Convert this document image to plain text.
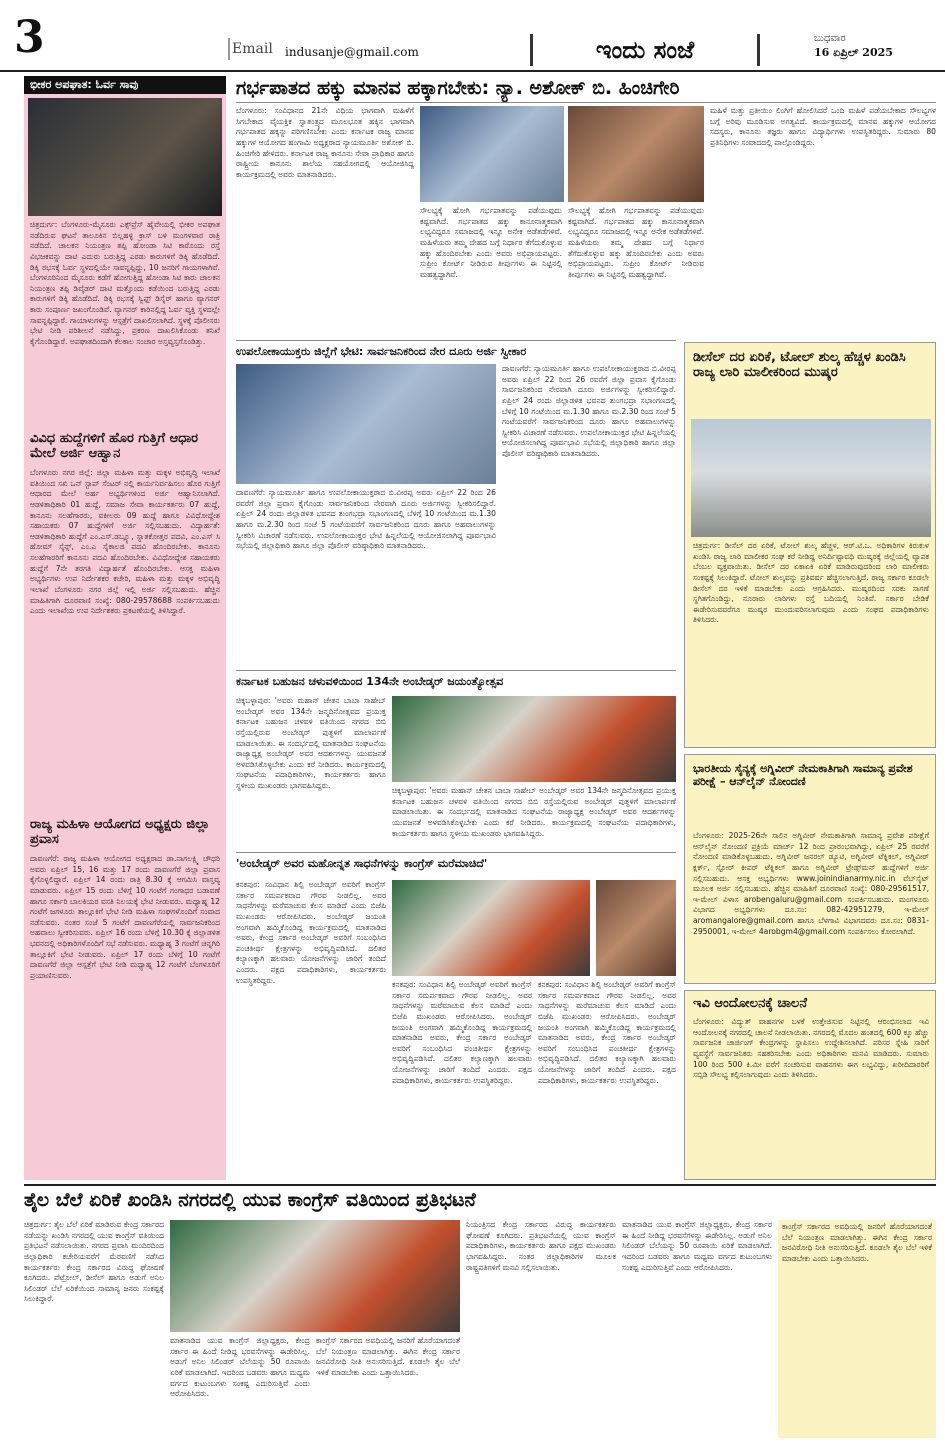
3	Email indusanje@gmail.com	ಇಂದು ಸಂಜೆ	ಬುಧವಾರ
16 ಏಪ್ರಿಲ್ 2025
ಭೀಕರ ಅಪಘಾತ: ಓರ್ವ ಸಾವು
ಚಿತ್ರದುರ್ಗ: ಬೆಂಗಳೂರು-ಮೈಸೂರು ಎಕ್ಸ್‌ಪ್ರೆಸ್ ಹೈವೇಯಲ್ಲಿ ಭೀಕರ ಅಪಘಾತ ನಡೆದಿರುವ ಘಟನೆ ತಾಲೂಕಿನ ಬಿಲ್ಲಹಳ್ಳಿ ಕ್ರಾಸ್ ಬಳಿ ಮಂಗಳವಾರ ರಾತ್ರಿ ನಡೆದಿದೆ. ಚಾಲಕನ ನಿಯಂತ್ರಣ ತಪ್ಪಿ ಹೋಂಡಾ ಸಿಟಿ ಕಾರೊಂದು ರಸ್ತೆ ವಿಭಜಕವನ್ನು ದಾಟಿ ಎದುರು ಬರುತ್ತಿದ್ದ ಎರಡು ಕಾರುಗಳಿಗೆ ಡಿಕ್ಕಿ ಹೊಡೆದಿದೆ. ಡಿಕ್ಕಿ ರಭಸಕ್ಕೆ ಓರ್ವ ಸ್ಥಳದಲ್ಲಿಯೇ ಸಾವನ್ನಪ್ಪಿದ್ದು, 10 ಜನರಿಗೆ ಗಾಯಗಳಾಗಿವೆ. ಬೆಂಗಳೂರಿನಿಂದ ಮೈಸೂರು ಕಡೆಗೆ ಹೋಗುತ್ತಿದ್ದ ಹೋಂಡಾ ಸಿಟಿ ಕಾರು ಚಾಲಕನ ನಿಯಂತ್ರಣ ತಪ್ಪಿ ಡಿವೈಡರ್ ದಾಟಿ ಮತ್ತೊಂದು ಕಡೆಯಿಂದ ಬರುತ್ತಿದ್ದ ಎರಡು ಕಾರುಗಳಿಗೆ ಡಿಕ್ಕಿ ಹೊಡೆದಿದೆ. ಡಿಕ್ಕಿ ರಭಸಕ್ಕೆ ಸ್ವಿಫ್ಟ್ ಡಿಸೈರ್ ಹಾಗೂ ವ್ಯಾಗನರ್ ಕಾರು ಸಂಪೂರ್ಣ ಜಖಂಗೊಂಡಿವೆ. ವ್ಯಾಗನರ್ ಕಾರಿನಲ್ಲಿದ್ದ ಓರ್ವ ವ್ಯಕ್ತಿ ಸ್ಥಳದಲ್ಲೇ ಸಾವನ್ನಪ್ಪಿದ್ದಾರೆ. ಗಾಯಾಳುಗಳನ್ನು ಆಸ್ಪತ್ರೆಗೆ ದಾಖಲಿಸಲಾಗಿದೆ. ಸ್ಥಳಕ್ಕೆ ಪೊಲೀಸರು ಭೇಟಿ ನೀಡಿ ಪರಿಶೀಲನೆ ನಡೆಸಿದ್ದು, ಪ್ರಕರಣ ದಾಖಲಿಸಿಕೊಂಡು ತನಿಖೆ ಕೈಗೊಂಡಿದ್ದಾರೆ. ಅಪಘಾತದಿಂದಾಗಿ ಕೆಲಕಾಲ ಸಂಚಾರ ಅಸ್ತವ್ಯಸ್ತಗೊಂಡಿತ್ತು.
ವಿವಿಧ ಹುದ್ದೆಗಳಿಗೆ ಹೊರ ಗುತ್ತಿಗೆ ಆಧಾರ ಮೇಲೆ ಅರ್ಜಿ ಆಹ್ವಾನ
ಬೆಂಗಳೂರು ನಗರ ಜಿಲ್ಲೆ: ಜಿಲ್ಲಾ ಮಹಿಳಾ ಮತ್ತು ಮಕ್ಕಳ ಅಭಿವೃದ್ಧಿ ಇಲಾಖೆ ವತಿಯಿಂದ ಸಖಿ ಒನ್ ಸ್ಟಾಪ್ ಸೆಂಟರ್ ನಲ್ಲಿ ಕಾರ್ಯನಿರ್ವಹಿಸಲು ಹೊರ ಗುತ್ತಿಗೆ ಆಧಾರದ ಮೇಲೆ ಅರ್ಹ ಅಭ್ಯರ್ಥಿಗಳಿಂದ ಅರ್ಜಿ ಆಹ್ವಾನಿಸಲಾಗಿದೆ. ಆಡಳಿತಾಧಿಕಾರಿ 01 ಹುದ್ದೆ, ಸಮಾಜ ಸೇವಾ ಕಾರ್ಯಕರ್ತರು 07 ಹುದ್ದೆ, ಕಾನೂನು ಸಲಹೆಗಾರರು, ವಕೀಲರು 09 ಹುದ್ದೆ ಹಾಗೂ ವಿವಿಧೋದ್ದೇಶ ಸಹಾಯಕರು 07 ಹುದ್ದೆಗಳಿಗೆ ಅರ್ಜಿ ಸಲ್ಲಿಸಬಹುದು. ವಿದ್ಯಾರ್ಹತೆ: ಆಡಳಿತಾಧಿಕಾರಿ ಹುದ್ದೆಗೆ ಎಂ.ಎಸ್.ಡಬ್ಲ್ಯೂ, ಸ್ನಾತಕೋತ್ತರ ಪದವಿ, ಎಂ.ಎಸ್ ಸಿ ಹೋಮ್ ಸೈನ್ಸ್, ಎಂ.ಎ ಸೈಕಾಲಜಿ ಪದವಿ ಹೊಂದಿರಬೇಕು. ಕಾನೂನು ಸಲಹೆಗಾರರಿಗೆ ಕಾನೂನು ಪದವಿ ಹೊಂದಿರಬೇಕು. ವಿವಿಧೋದ್ದೇಶ ಸಹಾಯಕರು ಹುದ್ದೆಗೆ 7ನೇ ತರಗತಿ ವಿದ್ಯಾರ್ಹತೆ ಹೊಂದಿರಬೇಕು. ಆಸಕ್ತ ಮಹಿಳಾ ಅಭ್ಯರ್ಥಿಗಳು ಉಪ ನಿರ್ದೇಶಕರ ಕಚೇರಿ, ಮಹಿಳಾ ಮತ್ತು ಮಕ್ಕಳ ಅಭಿವೃದ್ಧಿ ಇಲಾಖೆ ಬೆಂಗಳೂರು ನಗರ ಜಿಲ್ಲೆ ಇಲ್ಲಿ ಅರ್ಜಿ ಸಲ್ಲಿಸಬಹುದು. ಹೆಚ್ಚಿನ ಮಾಹಿತಿಗಾಗಿ ದೂರವಾಣಿ ಸಂಖ್ಯೆ: 080-29578688 ಸಂಪರ್ಕಿಸಬಹುದು ಎಂದು ಇಲಾಖೆಯ ಉಪ ನಿರ್ದೇಶಕರು ಪ್ರಕಟಣೆಯಲ್ಲಿ ತಿಳಿಸಿದ್ದಾರೆ.
ರಾಜ್ಯ ಮಹಿಳಾ ಆಯೋಗದ ಅಧ್ಯಕ್ಷರು ಜಿಲ್ಲಾ ಪ್ರವಾಸ
ದಾವಣಗೆರೆ: ರಾಜ್ಯ ಮಹಿಳಾ ಆಯೋಗದ ಅಧ್ಯಕ್ಷರಾದ ಡಾ.ನಾಗಲಕ್ಷ್ಮಿ ಚೌಧರಿ ಅವರು ಏಪ್ರಿಲ್ 15, 16 ಮತ್ತು 17 ರಂದು ದಾವಣಗೆರೆ ಜಿಲ್ಲಾ ಪ್ರವಾಸ ಕೈಗೊಳ್ಳಲಿದ್ದಾರೆ. ಏಪ್ರಿಲ್ 14 ರಂದು ರಾತ್ರಿ 8.30 ಕ್ಕೆ ಆಗಮಿಸಿ ವಾಸ್ತವ್ಯ ಮಾಡುವರು. ಏಪ್ರಿಲ್ 15 ರಂದು ಬೆಳಿಗ್ಗೆ 10 ಗಂಟೆಗೆ ಗಂಗಾಧರ ಬಡಾವಣೆ ಹಾಗೂ ಸರ್ಕಾರಿ ಬಾಲಕಿಯರ ವಸತಿ ನಿಲಯಕ್ಕೆ ಭೇಟಿ ನೀಡುವರು. ಮಧ್ಯಾಹ್ನ 12 ಗಂಟೆಗೆ ಜಗಳೂರು ತಾಲ್ಲೂಕಿಗೆ ಭೇಟಿ ನೀಡಿ ಮಹಿಳಾ ಸಂಘಗಳೊಂದಿಗೆ ಸಂವಾದ ನಡೆಸುವರು. ನಂತರ ಸಂಜೆ 5 ಗಂಟೆಗೆ ದಾವಣಗೆರೆಯಲ್ಲಿ ಸಾರ್ವಜನಿಕರಿಂದ ಅಹವಾಲು ಸ್ವೀಕರಿಸುವರು. ಏಪ್ರಿಲ್ 16 ರಂದು ಬೆಳಿಗ್ಗೆ 10.30 ಕ್ಕೆ ಜಿಲ್ಲಾಡಳಿತ ಭವನದಲ್ಲಿ ಅಧಿಕಾರಿಗಳೊಂದಿಗೆ ಸಭೆ ನಡೆಸುವರು. ಮಧ್ಯಾಹ್ನ 3 ಗಂಟೆಗೆ ಚನ್ನಗಿರಿ ತಾಲ್ಲೂಕಿಗೆ ಭೇಟಿ ನೀಡುವರು. ಏಪ್ರಿಲ್ 17 ರಂದು ಬೆಳಿಗ್ಗೆ 10 ಗಂಟೆಗೆ ದಾವಣಗೆರೆ ಜಿಲ್ಲಾ ಆಸ್ಪತ್ರೆಗೆ ಭೇಟಿ ನೀಡಿ ಮಧ್ಯಾಹ್ನ 12 ಗಂಟೆಗೆ ಬೆಂಗಳೂರಿಗೆ ಪ್ರಯಾಣಿಸುವರು.
ಗರ್ಭಪಾತದ ಹಕ್ಕು ಮಾನವ ಹಕ್ಕಾಗಬೇಕು: ನ್ಯಾ. ಅಶೋಕ್ ಬಿ. ಹಿಂಚಿಗೇರಿ
ಬೆಂಗಳೂರು: ಸಂವಿಧಾನದ 21ನೇ ವಿಧಿಯ ಭಾಗವಾಗಿ ಮಹಿಳೆಗೆ ಸಿಗಬೇಕಾದ ವೈಯಕ್ತಿಕ ಸ್ವಾತಂತ್ರ್ಯದ ಮೂಲಭೂತ ಹಕ್ಕಿನ ಭಾಗವಾಗಿ ಗರ್ಭಪಾತದ ಹಕ್ಕನ್ನು ಪರಿಗಣಿಸಬೇಕು ಎಂದು ಕರ್ನಾಟಕ ರಾಜ್ಯ ಮಾನವ ಹಕ್ಕುಗಳ ಆಯೋಗದ ಹಂಗಾಮಿ ಅಧ್ಯಕ್ಷರಾದ ನ್ಯಾಯಮೂರ್ತಿ ಅಶೋಕ್ ಬಿ. ಹಿಂಚಿಗೇರಿ ಹೇಳಿದರು. ಕರ್ನಾಟಕ ರಾಜ್ಯ ಕಾನೂನು ಸೇವಾ ಪ್ರಾಧಿಕಾರ ಹಾಗೂ ರಾಷ್ಟ್ರೀಯ ಕಾನೂನು ಶಾಲೆಯ ಸಹಯೋಗದಲ್ಲಿ ಆಯೋಜಿಸಿದ್ದ ಕಾರ್ಯಕ್ರಮದಲ್ಲಿ ಅವರು ಮಾತನಾಡಿದರು.
ಸೌಲಭ್ಯಕ್ಕೆ ಹೋಗಿ ಗರ್ಭಪಾತವನ್ನು ಪಡೆಯುವುದು ಕಷ್ಟವಾಗಿದೆ. ಗರ್ಭಪಾತದ ಹಕ್ಕು ಕಾನೂನಾತ್ಮಕವಾಗಿ ಲಭ್ಯವಿದ್ದರೂ ಸಮಾಜದಲ್ಲಿ ಇನ್ನೂ ಅನೇಕ ಅಡೆತಡೆಗಳಿವೆ. ಮಹಿಳೆಯರು ತಮ್ಮ ದೇಹದ ಬಗ್ಗೆ ನಿರ್ಧಾರ ತೆಗೆದುಕೊಳ್ಳುವ ಹಕ್ಕು ಹೊಂದಿರಬೇಕು ಎಂದು ಅವರು ಅಭಿಪ್ರಾಯಪಟ್ಟರು. ಸುಪ್ರೀಂ ಕೋರ್ಟ್ ನೀಡಿರುವ ತೀರ್ಪುಗಳು ಈ ನಿಟ್ಟಿನಲ್ಲಿ ಮಹತ್ವದ್ದಾಗಿವೆ.
ಸೌಲಭ್ಯಕ್ಕೆ ಹೋಗಿ ಗರ್ಭಪಾತವನ್ನು ಪಡೆಯುವುದು ಕಷ್ಟವಾಗಿದೆ. ಗರ್ಭಪಾತದ ಹಕ್ಕು ಕಾನೂನಾತ್ಮಕವಾಗಿ ಲಭ್ಯವಿದ್ದರೂ ಸಮಾಜದಲ್ಲಿ ಇನ್ನೂ ಅನೇಕ ಅಡೆತಡೆಗಳಿವೆ. ಮಹಿಳೆಯರು ತಮ್ಮ ದೇಹದ ಬಗ್ಗೆ ನಿರ್ಧಾರ ತೆಗೆದುಕೊಳ್ಳುವ ಹಕ್ಕು ಹೊಂದಿರಬೇಕು ಎಂದು ಅವರು ಅಭಿಪ್ರಾಯಪಟ್ಟರು. ಸುಪ್ರೀಂ ಕೋರ್ಟ್ ನೀಡಿರುವ ತೀರ್ಪುಗಳು ಈ ನಿಟ್ಟಿನಲ್ಲಿ ಮಹತ್ವದ್ದಾಗಿವೆ.
ಮಹಿಳೆ ಮತ್ತು ಪ್ರತೀಯಿಂ ಲಿಂಗಿಗೆ ಹೋಲಿಸಿದರೆ ಒಂದಿ ಮಹಿಳೆ ಪಡೆಯಬೇಕಾದ ಸೌಲಭ್ಯಗಳ ಬಗ್ಗೆ ಅರಿವು ಮೂಡಿಸುವ ಅಗತ್ಯವಿದೆ. ಕಾರ್ಯಕ್ರಮದಲ್ಲಿ ಮಾನವ ಹಕ್ಕುಗಳ ಆಯೋಗದ ಸದಸ್ಯರು, ಕಾನೂನು ತಜ್ಞರು ಹಾಗೂ ವಿದ್ಯಾರ್ಥಿಗಳು ಉಪಸ್ಥಿತರಿದ್ದರು. ಸುಮಾರು 80 ಪ್ರತಿನಿಧಿಗಳು ಸಂವಾದದಲ್ಲಿ ಪಾಲ್ಗೊಂಡಿದ್ದರು.
ಉಪಲೋಕಾಯುಕ್ತರು ಜಿಲ್ಲೆಗೆ ಭೇಟಿ: ಸಾರ್ವಜನಿಕರಿಂದ ನೇರ ದೂರು ಅರ್ಜಿ ಸ್ವೀಕಾರ
ದಾವಣಗೆರೆ: ನ್ಯಾಯಮೂರ್ತಿ ಹಾಗೂ ಉಪಲೋಕಾಯುಕ್ತರಾದ ಬಿ.ವೀರಪ್ಪ ಅವರು ಏಪ್ರಿಲ್ 22 ರಿಂದ 26 ರವರೆಗೆ ಜಿಲ್ಲಾ ಪ್ರವಾಸ ಕೈಗೊಂಡು ಸಾರ್ವಜನಿಕರಿಂದ ನೇರವಾಗಿ ದೂರು ಅರ್ಜಿಗಳನ್ನು ಸ್ವೀಕರಿಸಲಿದ್ದಾರೆ. ಏಪ್ರಿಲ್ 24 ರಂದು ಜಿಲ್ಲಾಡಳಿತ ಭವನದ ತುಂಗಭದ್ರಾ ಸಭಾಂಗಣದಲ್ಲಿ ಬೆಳಿಗ್ಗೆ 10 ಗಂಟೆಯಿಂದ ಮ.1.30 ಹಾಗೂ ಮ.2.30 ರಿಂದ ಸಂಜೆ 5 ಗಂಟೆಯವರೆಗೆ ಸಾರ್ವಜನಿಕರಿಂದ ದೂರು ಹಾಗೂ ಅಹವಾಲುಗಳನ್ನು ಸ್ವೀಕರಿಸಿ ವಿಚಾರಣೆ ನಡೆಸುವರು. ಉಪಲೋಕಾಯುಕ್ತರ ಭೇಟಿ ಹಿನ್ನಲೆಯಲ್ಲಿ ಆಯೋಜಿಸಲಾಗಿದ್ದ ಪೂರ್ವಭಾವಿ ಸಭೆಯಲ್ಲಿ ಜಿಲ್ಲಾಧಿಕಾರಿ ಹಾಗೂ ಜಿಲ್ಲಾ ಪೊಲೀಸ್ ವರಿಷ್ಠಾಧಿಕಾರಿ ಮಾತನಾಡಿದರು.
ದಾವಣಗೆರೆ: ನ್ಯಾಯಮೂರ್ತಿ ಹಾಗೂ ಉಪಲೋಕಾಯುಕ್ತರಾದ ಬಿ.ವೀರಪ್ಪ ಅವರು ಏಪ್ರಿಲ್ 22 ರಿಂದ 26 ರವರೆಗೆ ಜಿಲ್ಲಾ ಪ್ರವಾಸ ಕೈಗೊಂಡು ಸಾರ್ವಜನಿಕರಿಂದ ನೇರವಾಗಿ ದೂರು ಅರ್ಜಿಗಳನ್ನು ಸ್ವೀಕರಿಸಲಿದ್ದಾರೆ. ಏಪ್ರಿಲ್ 24 ರಂದು ಜಿಲ್ಲಾಡಳಿತ ಭವನದ ತುಂಗಭದ್ರಾ ಸಭಾಂಗಣದಲ್ಲಿ ಬೆಳಿಗ್ಗೆ 10 ಗಂಟೆಯಿಂದ ಮ.1.30 ಹಾಗೂ ಮ.2.30 ರಿಂದ ಸಂಜೆ 5 ಗಂಟೆಯವರೆಗೆ ಸಾರ್ವಜನಿಕರಿಂದ ದೂರು ಹಾಗೂ ಅಹವಾಲುಗಳನ್ನು ಸ್ವೀಕರಿಸಿ ವಿಚಾರಣೆ ನಡೆಸುವರು. ಉಪಲೋಕಾಯುಕ್ತರ ಭೇಟಿ ಹಿನ್ನಲೆಯಲ್ಲಿ ಆಯೋಜಿಸಲಾಗಿದ್ದ ಪೂರ್ವಭಾವಿ ಸಭೆಯಲ್ಲಿ ಜಿಲ್ಲಾಧಿಕಾರಿ ಹಾಗೂ ಜಿಲ್ಲಾ ಪೊಲೀಸ್ ವರಿಷ್ಠಾಧಿಕಾರಿ ಮಾತನಾಡಿದರು.
ಡೀಸೆಲ್ ದರ ಏರಿಕೆ, ಟೋಲ್ ಶುಲ್ಕ ಹೆಚ್ಚಳ ಖಂಡಿಸಿ ರಾಜ್ಯ ಲಾರಿ ಮಾಲೀಕರಿಂದ ಮುಷ್ಕರ
ಚಿತ್ರದುರ್ಗ: ಡೀಸೆಲ್ ದರ ಏರಿಕೆ, ಟೋಲ್ ಶುಲ್ಕ ಹೆಚ್ಚಳ, ಆರ್.ಟಿ.ಒ. ಅಧಿಕಾರಿಗಳ ಕಿರುಕುಳ ಖಂಡಿಸಿ ರಾಜ್ಯ ಲಾರಿ ಮಾಲೀಕರ ಸಂಘ ಕರೆ ನೀಡಿದ್ದ ಅನಿರ್ದಿಷ್ಟಾವಧಿ ಮುಷ್ಕರಕ್ಕೆ ಜಿಲ್ಲೆಯಲ್ಲಿ ವ್ಯಾಪಕ ಬೆಂಬಲ ವ್ಯಕ್ತವಾಯಿತು. ಡೀಸೆಲ್ ದರ ಏಕಾಏಕಿ ಏರಿಕೆ ಮಾಡಿರುವುದರಿಂದ ಲಾರಿ ಮಾಲೀಕರು ಸಂಕಷ್ಟಕ್ಕೆ ಸಿಲುಕಿದ್ದಾರೆ. ಟೋಲ್ ಶುಲ್ಕವನ್ನು ಪ್ರತಿವರ್ಷ ಹೆಚ್ಚಿಸಲಾಗುತ್ತಿದೆ. ರಾಜ್ಯ ಸರ್ಕಾರ ಕೂಡಲೇ ಡೀಸೆಲ್ ದರ ಇಳಿಕೆ ಮಾಡಬೇಕು ಎಂದು ಆಗ್ರಹಿಸಿದರು. ಮುಷ್ಕರದಿಂದ ಸರಕು ಸಾಗಣೆ ಸ್ಥಗಿತಗೊಂಡಿದ್ದು, ನೂರಾರು ಲಾರಿಗಳು ರಸ್ತೆ ಬದಿಯಲ್ಲಿ ನಿಂತಿವೆ. ಸರ್ಕಾರ ಬೇಡಿಕೆ ಈಡೇರಿಸುವವರೆಗೂ ಮುಷ್ಕರ ಮುಂದುವರಿಸಲಾಗುವುದು ಎಂದು ಸಂಘದ ಪದಾಧಿಕಾರಿಗಳು ತಿಳಿಸಿದರು.
ಭಾರತೀಯ ಸೈನ್ಯಕ್ಕೆ ಅಗ್ನಿವೀರ್ ನೇಮಕಾತಿಗಾಗಿ ಸಾಮಾನ್ಯ ಪ್ರವೇಶ ಪರೀಕ್ಷೆ – ಆನ್‌ಲೈನ್ ನೋಂದಣಿ
ಬೆಂಗಳೂರು: 2025-26ನೇ ಸಾಲಿನ ಅಗ್ನಿವೀರ್ ನೇಮಕಾತಿಗಾಗಿ ಸಾಮಾನ್ಯ ಪ್ರವೇಶ ಪರೀಕ್ಷೆಗೆ ಆನ್‌ಲೈನ್ ನೋಂದಣಿ ಪ್ರಕ್ರಿಯೆ ಮಾರ್ಚ್ 12 ರಿಂದ ಪ್ರಾರಂಭವಾಗಿದ್ದು, ಏಪ್ರಿಲ್ 25 ರವರೆಗೆ ನೋಂದಣಿ ಮಾಡಿಕೊಳ್ಳಬಹುದು. ಅಗ್ನಿವೀರ್ ಜನರಲ್ ಡ್ಯೂಟಿ, ಅಗ್ನಿವೀರ್ ಟೆಕ್ನಿಕಲ್, ಅಗ್ನಿವೀರ್ ಕ್ಲರ್ಕ್, ಸ್ಟೋರ್ ಕೀಪರ್ ಟೆಕ್ನಿಕಲ್ ಹಾಗೂ ಅಗ್ನಿವೀರ್ ಟ್ರೇಡ್ಸ್‌ಮನ್ ಹುದ್ದೆಗಳಿಗೆ ಅರ್ಜಿ ಸಲ್ಲಿಸಬಹುದು. ಆಸಕ್ತ ಅಭ್ಯರ್ಥಿಗಳು www.joinindianarmy.nic.in ವೆಬ್‌ಸೈಟ್ ಮೂಲಕ ಅರ್ಜಿ ಸಲ್ಲಿಸಬಹುದು. ಹೆಚ್ಚಿನ ಮಾಹಿತಿಗೆ ದೂರವಾಣಿ ಸಂಖ್ಯೆ: 080-29561517, ಇ-ಮೇಲ್ ವಿಳಾಸ arobengaluru@gmail.com ಸಂಪರ್ಕಿಸಬಹುದು. ಮಂಗಳೂರು ವಿಭಾಗದ ಅಭ್ಯರ್ಥಿಗಳು ದೂ.ಸಂ: 082-42951279, ಇ-ಮೇಲ್ aromangalore@gmail.com ಹಾಗೂ ಬೆಳಗಾವಿ ವಿಭಾಗದವರು ದೂ.ಸಂ: 0831-2950001, ಇ-ಮೇಲ್ 4arobgm4@gmail.com ಸಂಪರ್ಕಿಸಲು ಕೋರಲಾಗಿದೆ.
ಕರ್ನಾಟಕ ಬಹುಜನ ಚಳುವಳಿಯಿಂದ 134ನೇ ಅಂಬೇಡ್ಕರ್ ಜಯಂತ್ಯೋತ್ಸವ
ಚಿಕ್ಕಬಳ್ಳಾಪುರ: 'ಅವರು ಮಹಾನ್ ಚೇತನ ಬಾಬಾ ಸಾಹೇಬ್ ಅಂಬೇಡ್ಕರ್ ಅವರ 134ನೇ ಜನ್ಮದಿನೋತ್ಸವದ ಪ್ರಯುಕ್ತ ಕರ್ನಾಟಕ ಬಹುಜನ ಚಳವಳಿ ವತಿಯಿಂದ ನಗರದ ಬಿಬಿ ರಸ್ತೆಯಲ್ಲಿರುವ ಅಂಬೇಡ್ಕರ್ ಪುತ್ಥಳಿಗೆ ಮಾಲಾರ್ಪಣೆ ಮಾಡಲಾಯಿತು. ಈ ಸಂದರ್ಭದಲ್ಲಿ ಮಾತನಾಡಿದ ಸಂಘಟನೆಯ ರಾಜ್ಯಾಧ್ಯಕ್ಷ ಅಂಬೇಡ್ಕರ್ ಅವರ ಆದರ್ಶಗಳನ್ನು ಯುವಜನತೆ ಅಳವಡಿಸಿಕೊಳ್ಳಬೇಕು ಎಂದು ಕರೆ ನೀಡಿದರು. ಕಾರ್ಯಕ್ರಮದಲ್ಲಿ ಸಂಘಟನೆಯ ಪದಾಧಿಕಾರಿಗಳು, ಕಾರ್ಯಕರ್ತರು ಹಾಗೂ ಸ್ಥಳೀಯ ಮುಖಂಡರು ಭಾಗವಹಿಸಿದ್ದರು.
ಚಿಕ್ಕಬಳ್ಳಾಪುರ: 'ಅವರು ಮಹಾನ್ ಚೇತನ ಬಾಬಾ ಸಾಹೇಬ್ ಅಂಬೇಡ್ಕರ್ ಅವರ 134ನೇ ಜನ್ಮದಿನೋತ್ಸವದ ಪ್ರಯುಕ್ತ ಕರ್ನಾಟಕ ಬಹುಜನ ಚಳವಳಿ ವತಿಯಿಂದ ನಗರದ ಬಿಬಿ ರಸ್ತೆಯಲ್ಲಿರುವ ಅಂಬೇಡ್ಕರ್ ಪುತ್ಥಳಿಗೆ ಮಾಲಾರ್ಪಣೆ ಮಾಡಲಾಯಿತು. ಈ ಸಂದರ್ಭದಲ್ಲಿ ಮಾತನಾಡಿದ ಸಂಘಟನೆಯ ರಾಜ್ಯಾಧ್ಯಕ್ಷ ಅಂಬೇಡ್ಕರ್ ಅವರ ಆದರ್ಶಗಳನ್ನು ಯುವಜನತೆ ಅಳವಡಿಸಿಕೊಳ್ಳಬೇಕು ಎಂದು ಕರೆ ನೀಡಿದರು. ಕಾರ್ಯಕ್ರಮದಲ್ಲಿ ಸಂಘಟನೆಯ ಪದಾಧಿಕಾರಿಗಳು, ಕಾರ್ಯಕರ್ತರು ಹಾಗೂ ಸ್ಥಳೀಯ ಮುಖಂಡರು ಭಾಗವಹಿಸಿದ್ದರು.
'ಅಂಬೇಡ್ಕರ್ ಅವರ ಮಹೋನ್ನತ ಸಾಧನೆಗಳನ್ನು ಕಾಂಗ್ರೆಸ್ ಮರೆಮಾಚಿದೆ'
ಕನಕಪುರ: ಸಂವಿಧಾನ ಶಿಲ್ಪಿ ಅಂಬೇಡ್ಕರ್ ಅವರಿಗೆ ಕಾಂಗ್ರೆಸ್ ಸರ್ಕಾರ ಸಮರ್ಪಕವಾದ ಗೌರವ ನೀಡಲಿಲ್ಲ. ಅವರ ಸಾಧನೆಗಳನ್ನು ಮರೆಮಾಚುವ ಕೆಲಸ ಮಾಡಿದೆ ಎಂದು ಬಿಜೆಪಿ ಮುಖಂಡರು ಆರೋಪಿಸಿದರು. ಅಂಬೇಡ್ಕರ್ ಜಯಂತಿ ಅಂಗವಾಗಿ ಹಮ್ಮಿಕೊಂಡಿದ್ದ ಕಾರ್ಯಕ್ರಮದಲ್ಲಿ ಮಾತನಾಡಿದ ಅವರು, ಕೇಂದ್ರ ಸರ್ಕಾರ ಅಂಬೇಡ್ಕರ್ ಅವರಿಗೆ ಸಂಬಂಧಿಸಿದ ಪಂಚತೀರ್ಥ ಕ್ಷೇತ್ರಗಳನ್ನು ಅಭಿವೃದ್ಧಿಪಡಿಸಿದೆ. ದಲಿತರ ಕಲ್ಯಾಣಕ್ಕಾಗಿ ಹಲವಾರು ಯೋಜನೆಗಳನ್ನು ಜಾರಿಗೆ ತಂದಿದೆ ಎಂದರು. ಪಕ್ಷದ ಪದಾಧಿಕಾರಿಗಳು, ಕಾರ್ಯಕರ್ತರು ಉಪಸ್ಥಿತರಿದ್ದರು.	ಕನಕಪುರ: ಸಂವಿಧಾನ ಶಿಲ್ಪಿ ಅಂಬೇಡ್ಕರ್ ಅವರಿಗೆ ಕಾಂಗ್ರೆಸ್ ಸರ್ಕಾರ ಸಮರ್ಪಕವಾದ ಗೌರವ ನೀಡಲಿಲ್ಲ. ಅವರ ಸಾಧನೆಗಳನ್ನು ಮರೆಮಾಚುವ ಕೆಲಸ ಮಾಡಿದೆ ಎಂದು ಬಿಜೆಪಿ ಮುಖಂಡರು ಆರೋಪಿಸಿದರು. ಅಂಬೇಡ್ಕರ್ ಜಯಂತಿ ಅಂಗವಾಗಿ ಹಮ್ಮಿಕೊಂಡಿದ್ದ ಕಾರ್ಯಕ್ರಮದಲ್ಲಿ ಮಾತನಾಡಿದ ಅವರು, ಕೇಂದ್ರ ಸರ್ಕಾರ ಅಂಬೇಡ್ಕರ್ ಅವರಿಗೆ ಸಂಬಂಧಿಸಿದ ಪಂಚತೀರ್ಥ ಕ್ಷೇತ್ರಗಳನ್ನು ಅಭಿವೃದ್ಧಿಪಡಿಸಿದೆ. ದಲಿತರ ಕಲ್ಯಾಣಕ್ಕಾಗಿ ಹಲವಾರು ಯೋಜನೆಗಳನ್ನು ಜಾರಿಗೆ ತಂದಿದೆ ಎಂದರು. ಪಕ್ಷದ ಪದಾಧಿಕಾರಿಗಳು, ಕಾರ್ಯಕರ್ತರು ಉಪಸ್ಥಿತರಿದ್ದರು.
ಕನಕಪುರ: ಸಂವಿಧಾನ ಶಿಲ್ಪಿ ಅಂಬೇಡ್ಕರ್ ಅವರಿಗೆ ಕಾಂಗ್ರೆಸ್ ಸರ್ಕಾರ ಸಮರ್ಪಕವಾದ ಗೌರವ ನೀಡಲಿಲ್ಲ. ಅವರ ಸಾಧನೆಗಳನ್ನು ಮರೆಮಾಚುವ ಕೆಲಸ ಮಾಡಿದೆ ಎಂದು ಬಿಜೆಪಿ ಮುಖಂಡರು ಆರೋಪಿಸಿದರು. ಅಂಬೇಡ್ಕರ್ ಜಯಂತಿ ಅಂಗವಾಗಿ ಹಮ್ಮಿಕೊಂಡಿದ್ದ ಕಾರ್ಯಕ್ರಮದಲ್ಲಿ ಮಾತನಾಡಿದ ಅವರು, ಕೇಂದ್ರ ಸರ್ಕಾರ ಅಂಬೇಡ್ಕರ್ ಅವರಿಗೆ ಸಂಬಂಧಿಸಿದ ಪಂಚತೀರ್ಥ ಕ್ಷೇತ್ರಗಳನ್ನು ಅಭಿವೃದ್ಧಿಪಡಿಸಿದೆ. ದಲಿತರ ಕಲ್ಯಾಣಕ್ಕಾಗಿ ಹಲವಾರು ಯೋಜನೆಗಳನ್ನು ಜಾರಿಗೆ ತಂದಿದೆ ಎಂದರು. ಪಕ್ಷದ ಪದಾಧಿಕಾರಿಗಳು, ಕಾರ್ಯಕರ್ತರು ಉಪಸ್ಥಿತರಿದ್ದರು.
ಇವಿ ಆಂದೋಲನಕ್ಕೆ ಚಾಲನೆ
ಬೆಂಗಳೂರು: ವಿದ್ಯುತ್ ವಾಹನಗಳ ಬಳಕೆ ಉತ್ತೇಜಿಸುವ ನಿಟ್ಟಿನಲ್ಲಿ ಆರಂಭಿಸಲಾದ ಇವಿ ಆಂದೋಲನಕ್ಕೆ ನಗರದಲ್ಲಿ ಚಾಲನೆ ನೀಡಲಾಯಿತು. ನಗರದಲ್ಲಿ ಮೊದಲ ಹಂತದಲ್ಲಿ 600 ಕ್ಕೂ ಹೆಚ್ಚು ಸಾರ್ವಜನಿಕ ಚಾರ್ಜಿಂಗ್ ಕೇಂದ್ರಗಳನ್ನು ಸ್ಥಾಪಿಸಲು ಉದ್ದೇಶಿಸಲಾಗಿದೆ. ಪರಿಸರ ಸ್ನೇಹಿ ಸಾರಿಗೆ ವ್ಯವಸ್ಥೆಗೆ ಸಾರ್ವಜನಿಕರು ಸಹಕರಿಸಬೇಕು ಎಂದು ಅಧಿಕಾರಿಗಳು ಮನವಿ ಮಾಡಿದರು. ಸುಮಾರು 100 ರಿಂದ 500 ಕಿ.ಮೀ ವರೆಗೆ ಸಂಚರಿಸುವ ವಾಹನಗಳು ಈಗ ಲಭ್ಯವಿದ್ದು, ಖರೀದಿದಾರರಿಗೆ ಸಬ್ಸಿಡಿ ಸೌಲಭ್ಯ ಕಲ್ಪಿಸಲಾಗುವುದು ಎಂದು ತಿಳಿಸಿದರು.
ತೈಲ ಬೆಲೆ ಏರಿಕೆ ಖಂಡಿಸಿ ನಗರದಲ್ಲಿ ಯುವ ಕಾಂಗ್ರೆಸ್ ವತಿಯಿಂದ ಪ್ರತಿಭಟನೆ
ಚಿತ್ರದುರ್ಗ: ತೈಲ ಬೆಲೆ ಏರಿಕೆ ಮಾಡಿರುವ ಕೇಂದ್ರ ಸರ್ಕಾರದ ನಡೆಯನ್ನು ಖಂಡಿಸಿ ನಗರದಲ್ಲಿ ಯುವ ಕಾಂಗ್ರೆಸ್ ವತಿಯಿಂದ ಪ್ರತಿಭಟನೆ ನಡೆಸಲಾಯಿತು. ನಗರದ ಪ್ರವಾಸಿ ಮಂದಿರದಿಂದ ಜಿಲ್ಲಾಧಿಕಾರಿ ಕಚೇರಿಯವರೆಗೆ ಮೆರವಣಿಗೆ ನಡೆಸಿದ ಕಾರ್ಯಕರ್ತರು ಕೇಂದ್ರ ಸರ್ಕಾರದ ವಿರುದ್ಧ ಘೋಷಣೆ ಕೂಗಿದರು. ಪೆಟ್ರೋಲ್, ಡೀಸೆಲ್ ಹಾಗೂ ಅಡುಗೆ ಅನಿಲ ಸಿಲಿಂಡರ್ ಬೆಲೆ ಏರಿಕೆಯಿಂದ ಸಾಮಾನ್ಯ ಜನರು ಸಂಕಷ್ಟಕ್ಕೆ ಸಿಲುಕಿದ್ದಾರೆ.
ಮಾತನಾಡಿದ ಯುವ ಕಾಂಗ್ರೆಸ್ ಜಿಲ್ಲಾಧ್ಯಕ್ಷರು, ಕೇಂದ್ರ ಸರ್ಕಾರ ಈ ಹಿಂದೆ ನೀಡಿದ್ದ ಭರವಸೆಗಳನ್ನು ಈಡೇರಿಸಿಲ್ಲ. ಅಡುಗೆ ಅನಿಲ ಸಿಲಿಂಡರ್ ಬೆಲೆಯನ್ನು 50 ರೂಪಾಯಿ ಏರಿಕೆ ಮಾಡಲಾಗಿದೆ. ಇದರಿಂದ ಬಡವರು ಹಾಗೂ ಮಧ್ಯಮ ವರ್ಗದ ಕುಟುಂಬಗಳು ಸಂಕಷ್ಟ ಎದುರಿಸುತ್ತಿವೆ ಎಂದು ಆರೋಪಿಸಿದರು.
ಕಾಂಗ್ರೆಸ್ ಸರ್ಕಾರದ ಅವಧಿಯಲ್ಲಿ ಜನರಿಗೆ ಹೊರೆಯಾಗದಂತೆ ಬೆಲೆ ನಿಯಂತ್ರಣ ಮಾಡಲಾಗಿತ್ತು. ಈಗಿನ ಕೇಂದ್ರ ಸರ್ಕಾರ ಜನವಿರೋಧಿ ನೀತಿ ಅನುಸರಿಸುತ್ತಿದೆ. ಕೂಡಲೇ ತೈಲ ಬೆಲೆ ಇಳಿಕೆ ಮಾಡಬೇಕು ಎಂದು ಒತ್ತಾಯಿಸಿದರು.
ನಿಯಂತ್ರಿಸದ ಕೇಂದ್ರ ಸರ್ಕಾರದ ವಿರುದ್ಧ ಕಾರ್ಯಕರ್ತರು ಘೋಷಣೆ ಕೂಗಿದರು. ಪ್ರತಿಭಟನೆಯಲ್ಲಿ ಯುವ ಕಾಂಗ್ರೆಸ್ ಪದಾಧಿಕಾರಿಗಳು, ಕಾರ್ಯಕರ್ತರು ಹಾಗೂ ಪಕ್ಷದ ಮುಖಂಡರು ಭಾಗವಹಿಸಿದ್ದರು. ನಂತರ ಜಿಲ್ಲಾಧಿಕಾರಿಗಳ ಮೂಲಕ ರಾಷ್ಟ್ರಪತಿಗಳಿಗೆ ಮನವಿ ಸಲ್ಲಿಸಲಾಯಿತು.
ಮಾತನಾಡಿದ ಯುವ ಕಾಂಗ್ರೆಸ್ ಜಿಲ್ಲಾಧ್ಯಕ್ಷರು, ಕೇಂದ್ರ ಸರ್ಕಾರ ಈ ಹಿಂದೆ ನೀಡಿದ್ದ ಭರವಸೆಗಳನ್ನು ಈಡೇರಿಸಿಲ್ಲ. ಅಡುಗೆ ಅನಿಲ ಸಿಲಿಂಡರ್ ಬೆಲೆಯನ್ನು 50 ರೂಪಾಯಿ ಏರಿಕೆ ಮಾಡಲಾಗಿದೆ. ಇದರಿಂದ ಬಡವರು ಹಾಗೂ ಮಧ್ಯಮ ವರ್ಗದ ಕುಟುಂಬಗಳು ಸಂಕಷ್ಟ ಎದುರಿಸುತ್ತಿವೆ ಎಂದು ಆರೋಪಿಸಿದರು.
ಕಾಂಗ್ರೆಸ್ ಸರ್ಕಾರದ ಅವಧಿಯಲ್ಲಿ ಜನರಿಗೆ ಹೊರೆಯಾಗದಂತೆ ಬೆಲೆ ನಿಯಂತ್ರಣ ಮಾಡಲಾಗಿತ್ತು. ಈಗಿನ ಕೇಂದ್ರ ಸರ್ಕಾರ ಜನವಿರೋಧಿ ನೀತಿ ಅನುಸರಿಸುತ್ತಿದೆ. ಕೂಡಲೇ ತೈಲ ಬೆಲೆ ಇಳಿಕೆ ಮಾಡಬೇಕು ಎಂದು ಒತ್ತಾಯಿಸಿದರು.
